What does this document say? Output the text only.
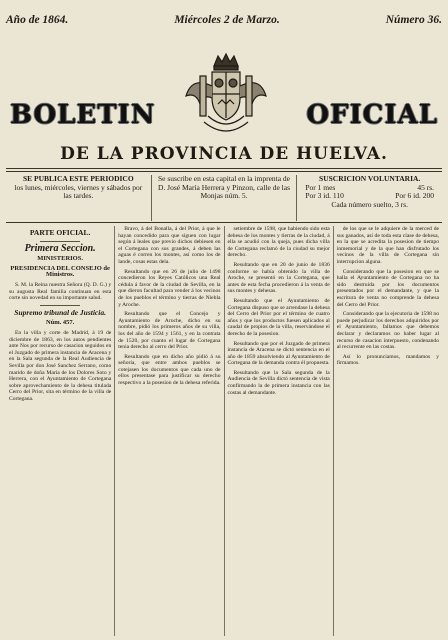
Año de 1864.	Miércoles 2 de Marzo.	Número 36.
BOLETIN	OFICIAL
DE LA PROVINCIA DE HUELVA.
SE PUBLICA ESTE PERIODICO
los lunes, miércoles, viernes y sábados por las tardes.
Se suscribe en esta capital en la imprenta de D. José María Herrera y Pinzon, calle de las Monjas núm. 5.
SUSCRICION VOLUNTARIA.
Por 1 mes	45 rs.
Por 3 id. 110	Por 6 id. 200
Cada número suelto, 3 rs.
PARTE OFICIAL.
Primera Seccion.
MINISTERIOS.
PRESIDENCIA DEL CONSEJO de Ministros.

S. M. la Reina nuestra Señora (Q. D. G.) y su augusta Real familia continuan en esta corte sin novedad en su importante salud.

Supremo tribunal de Justicia.
Núm. 457.

En la villa y corte de Madrid, á 19 de diciembre de 1863, en los autos pendientes ante Nos por recurso de casacion seguidos en el Juzgado de primera instancia de Aracena y en la Sala segunda de la Real Audiencia de Sevilla por don José Sanchez Serrano, como marido de doña María de los Dolores Soto y Herrera, con el Ayuntamiento de Cortegana sobre aprovechamiento de la dehesa titulada Cerro del Prior, sita en término de la villa de Cortegana.

Bravo, á del Bonalla, á del Prior, á que le hayan concedido para que siguen con lugar según á leales que previo dichos debiesen en el Cortegana con sus grandes, á deben las aguas é corren los montes, así como los de lande, cosas estas dela.

Resultando que en 26 de julio de 1498 concedieron los Reyes Católicos una Real cédula á favor de la ciudad de Sevilla, en la que dieron facultad para vender á los vecinos de los pueblos el término y tierras de Niebla y Aroche.

Resultando que el Concejo y Ayuntamiento de Aroche, dicho en su nombre, pidió los primeros años de su villa, los del año de 1594 y 1561, y en la contrata de 1520, por cuanto el lugar de Cortegana tenia derecho al cerro del Prior.

Resultando que en dicho año pidió á su señoría, que entre ambos pueblos se cotejasen los documentos que cada uno de ellos presentase para justificar su derecho respectivo a la posesion de la dehesa referida.

setiembre de 1598, que habiendo sido esta dehesa de los montes y tierras de la ciudad, á ella se acudió con la queja, pues dicha villa de Cortegana reclamó de la ciudad su mejor derecho.

Resultando que en 20 de junio de 1836 conforme se había obtenido la villa de Aroche, se presentó en la Cortegana, que antes de esta fecha procedieron á la venta de sus montes y dehesas.

Resultando que el Ayuntamiento de Cortegana dispuso que se arrendase la dehesa del Cerro del Prior por el término de cuatro años y que los productos fuesen aplicados al caudal de propios de la villa, reservándose el derecho de la posesion.

Resultando que por el Juzgado de primera instancia de Aracena se dictó sentencia en el año de 1859 absolviendo al Ayuntamiento de Cortegana de la demanda contra él propuesta.

Resultando que la Sala segunda de la Audiencia de Sevilla dictó sentencia de vista confirmando la de primera instancia con las costas al demandante.

de los que se le adquiere de la merced de sus ganados, así de toda esta clase de dehesa, en la que se acredita la posesion de tiempo inmemorial y de la que han disfrutado los vecinos de la villa de Cortegana sin interrupcion alguna.

Considerando que la posesion en que se halla el Ayuntamiento de Cortegana no ha sido destruida por los documentos presentados por el demandante, y que la escritura de venta no comprende la dehesa del Cerro del Prior.

Considerando que la ejecutoria de 1598 no puede perjudicar los derechos adquiridos por el Ayuntamiento, fallamos que debemos declarar y declaramos no haber lugar al recurso de casacion interpuesto, condenando al recurrente en las costas.

Así lo pronunciamos, mandamos y firmamos.
